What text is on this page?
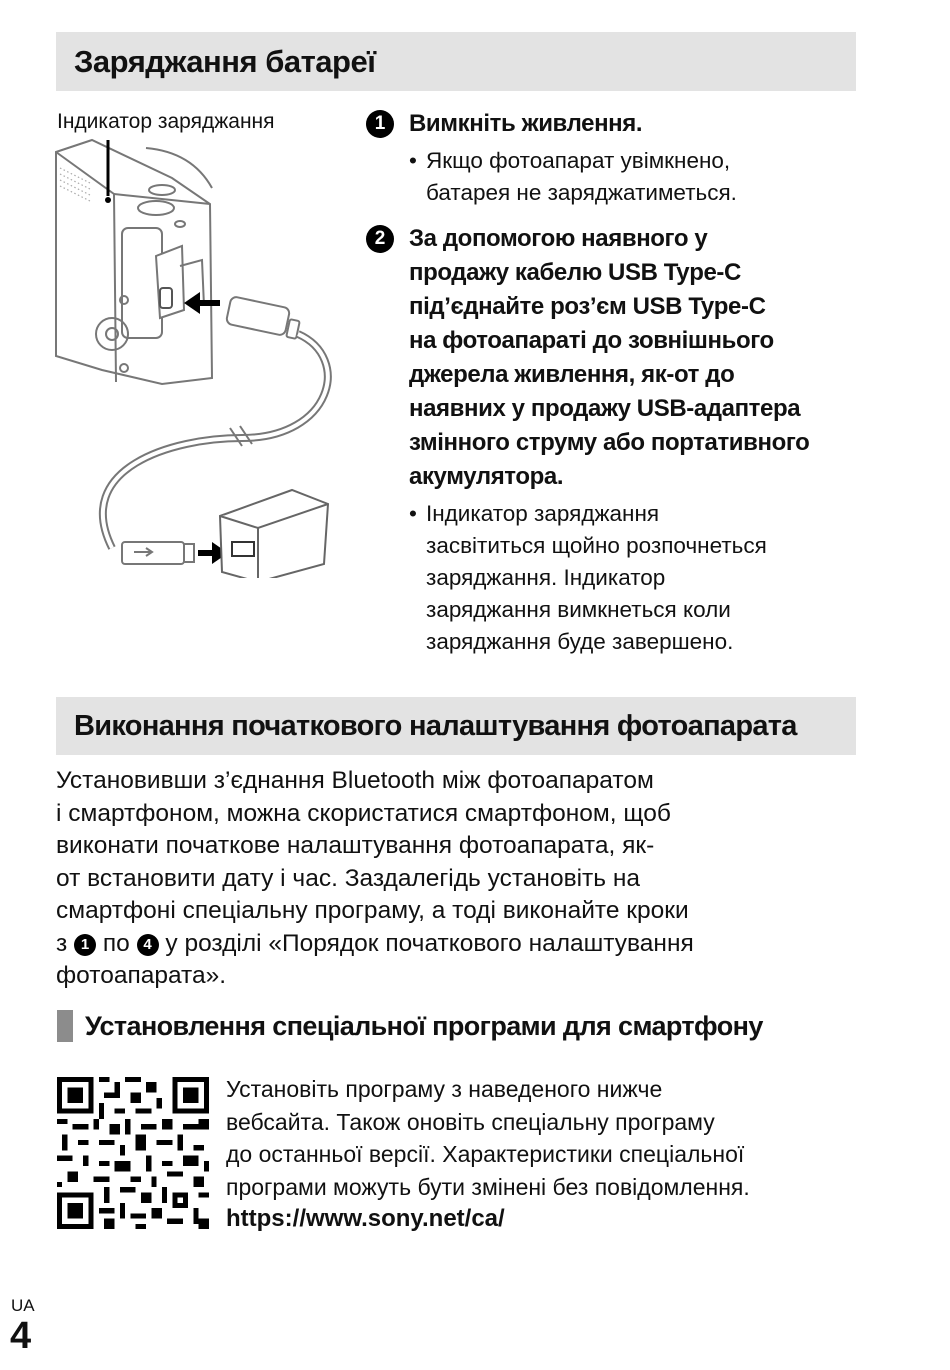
Заряджання батареї
Індикатор заряджання	1 Вимкніть живлення.
• Якщо фотоапарат увімкнено,
батарея не заряджатиметься.
2 За допомогою наявного у
продажу кабелю USB Type-C
під’єднайте роз’єм USB Type-C
на фотоапараті до зовнішнього
джерела живлення, як-от до
наявних у продажу USB-адаптера
змінного струму або портативного
акумулятора.
• Індикатор заряджання
засвітиться щойно розпочнеться
заряджання. Індикатор
заряджання вимкнеться коли
заряджання буде завершено.
Виконання початкового налаштування фотоапарата
Установивши з’єднання Bluetooth між фотоапаратом
і смартфоном, можна скористатися смартфоном, щоб
виконати початкове налаштування фотоапарата, як-
от встановити дату і час. Заздалегідь установіть на
смартфоні спеціальну програму, а тоді виконайте кроки
з 1 по 4 у розділі «Порядок початкового налаштування
фотоапарата».
Установлення спеціальної програми для смартфону
Установіть програму з наведеного нижче
вебсайта. Також оновіть спеціальну програму
до останньої версії. Характеристики спеціальної
програми можуть бути змінені без повідомлення.
https://www.sony.net/ca/
UA
4
